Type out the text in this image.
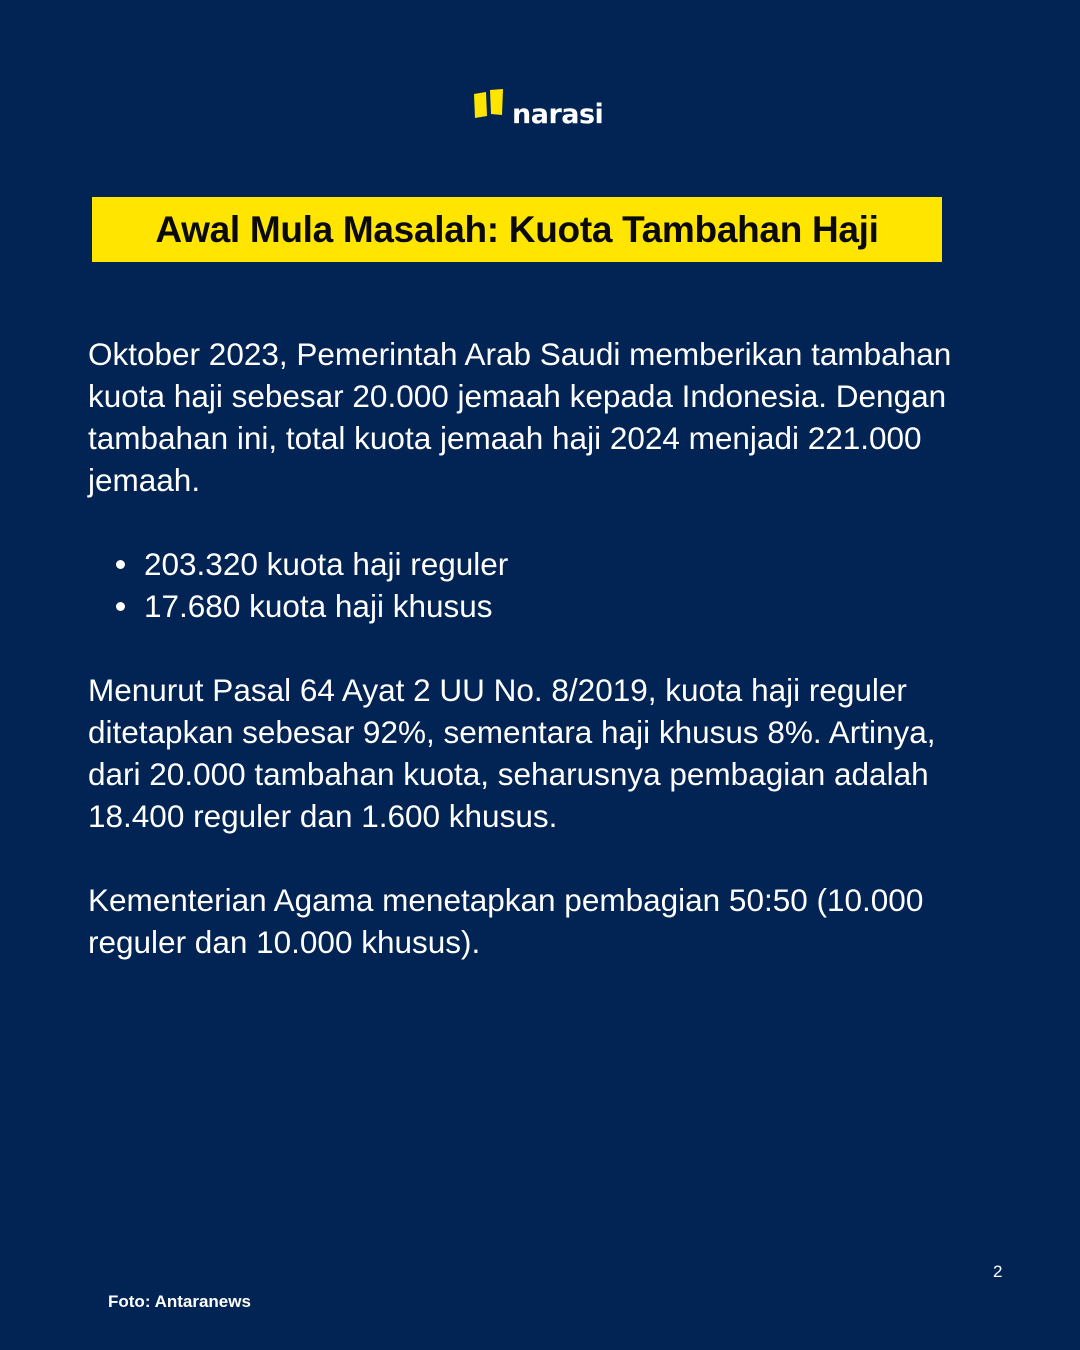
narasi
Awal Mula Masalah: Kuota Tambahan Haji

Oktober 2023, Pemerintah Arab Saudi memberikan tambahan kuota haji sebesar 20.000 jemaah kepada Indonesia. Dengan tambahan ini, total kuota jemaah haji 2024 menjadi 221.000 jemaah.

203.320 kuota haji reguler
17.680 kuota haji khusus

Menurut Pasal 64 Ayat 2 UU No. 8/2019, kuota haji reguler ditetapkan sebesar 92%, sementara haji khusus 8%. Artinya, dari 20.000 tambahan kuota, seharusnya pembagian adalah 18.400 reguler dan 1.600 khusus.

Kementerian Agama menetapkan pembagian 50:50 (10.000 reguler dan 10.000 khusus).

2
Foto: Antaranews
